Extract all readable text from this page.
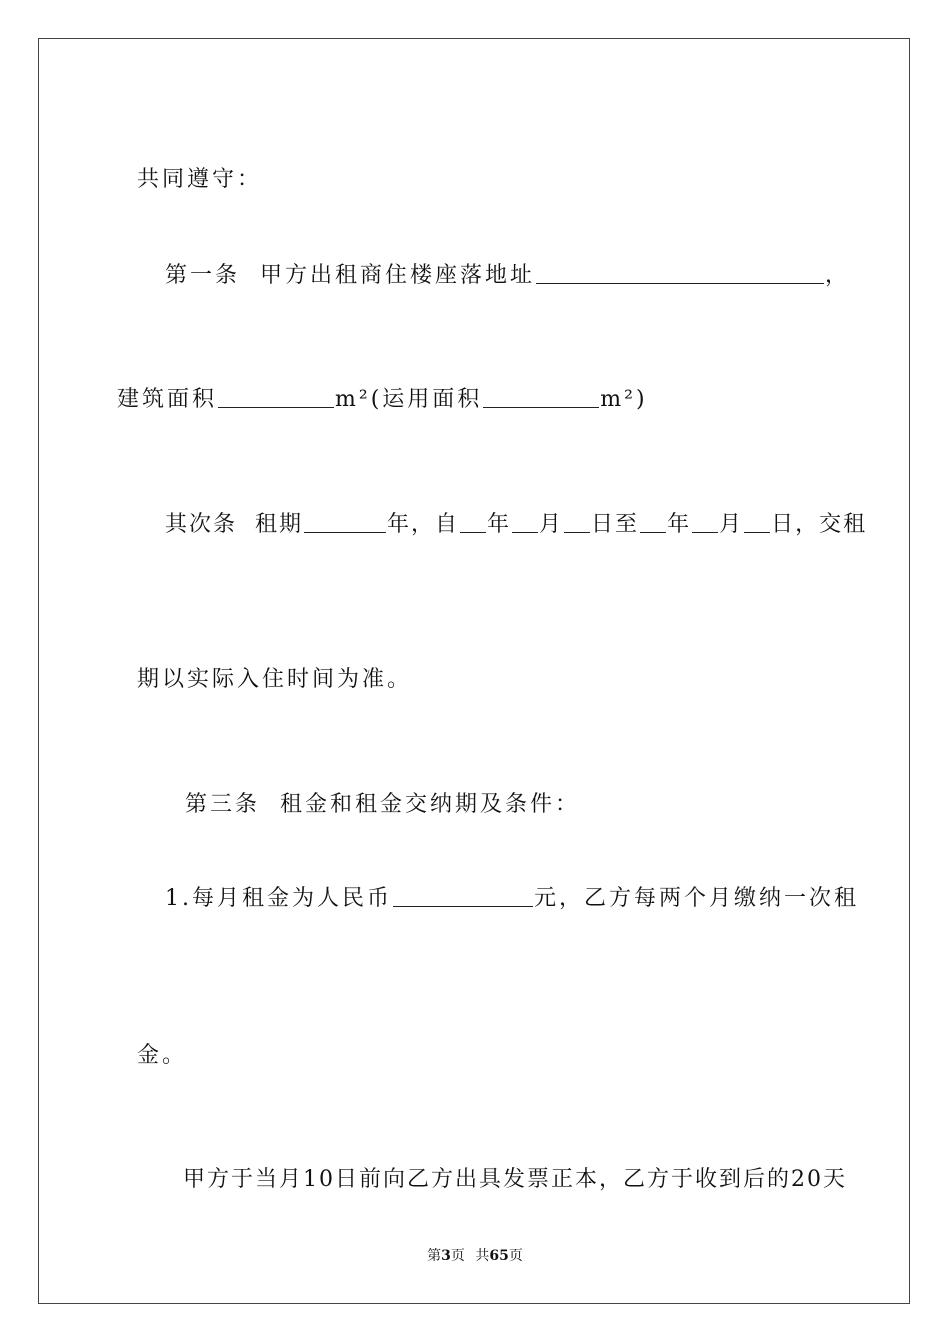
共同遵守：

第一条  甲方出租商住楼座落地址	，
建筑面积	m²(运用面积	m²)
其次条  租期	年，自 年 月 日至 年 月 日，交租

期以实际入住时间为准。

第三条  租金和租金交纳期及条件：

1.每月租金为人民币	元，乙方每两个月缴纳一次租

金。

甲方于当月10日前向乙方出具发票正本，乙方于收到后的20天

第3页 共65页
